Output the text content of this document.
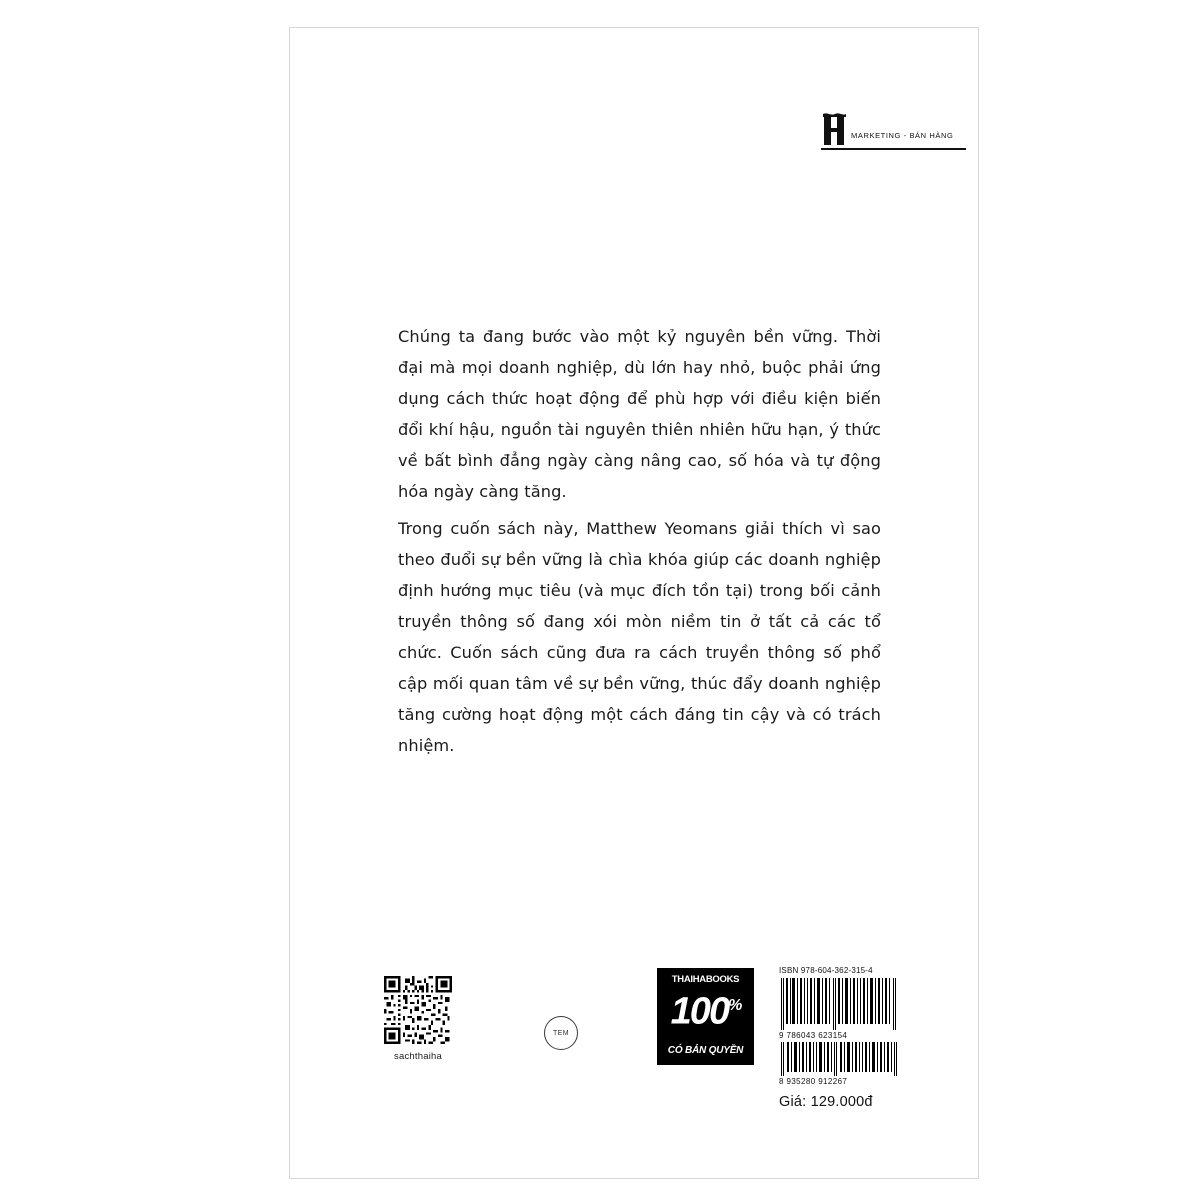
MARKETING - BÁN HÀNG

Chúng ta đang bước vào một kỷ nguyên bền vững. Thời đại mà mọi doanh nghiệp, dù lớn hay nhỏ, buộc phải ứng dụng cách thức hoạt động để phù hợp với điều kiện biến đổi khí hậu, nguồn tài nguyên thiên nhiên hữu hạn, ý thức về bất bình đẳng ngày càng nâng cao, số hóa và tự động hóa ngày càng tăng.

Trong cuốn sách này, Matthew Yeomans giải thích vì sao theo đuổi sự bền vững là chìa khóa giúp các doanh nghiệp định hướng mục tiêu (và mục đích tồn tại) trong bối cảnh truyền thông số đang xói mòn niềm tin ở tất cả các tổ chức. Cuốn sách cũng đưa ra cách truyền thông số phổ cập mối quan tâm về sự bền vững, thúc đẩy doanh nghiệp tăng cường hoạt động một cách đáng tin cậy và có trách nhiệm.

sachthaiha
TEM
THAIHABOOKS
100%
CÓ BẢN QUYỀN
ISBN 978-604-362-315-4
9 786043 623154
8 935280 912267
Giá: 129.000đ
